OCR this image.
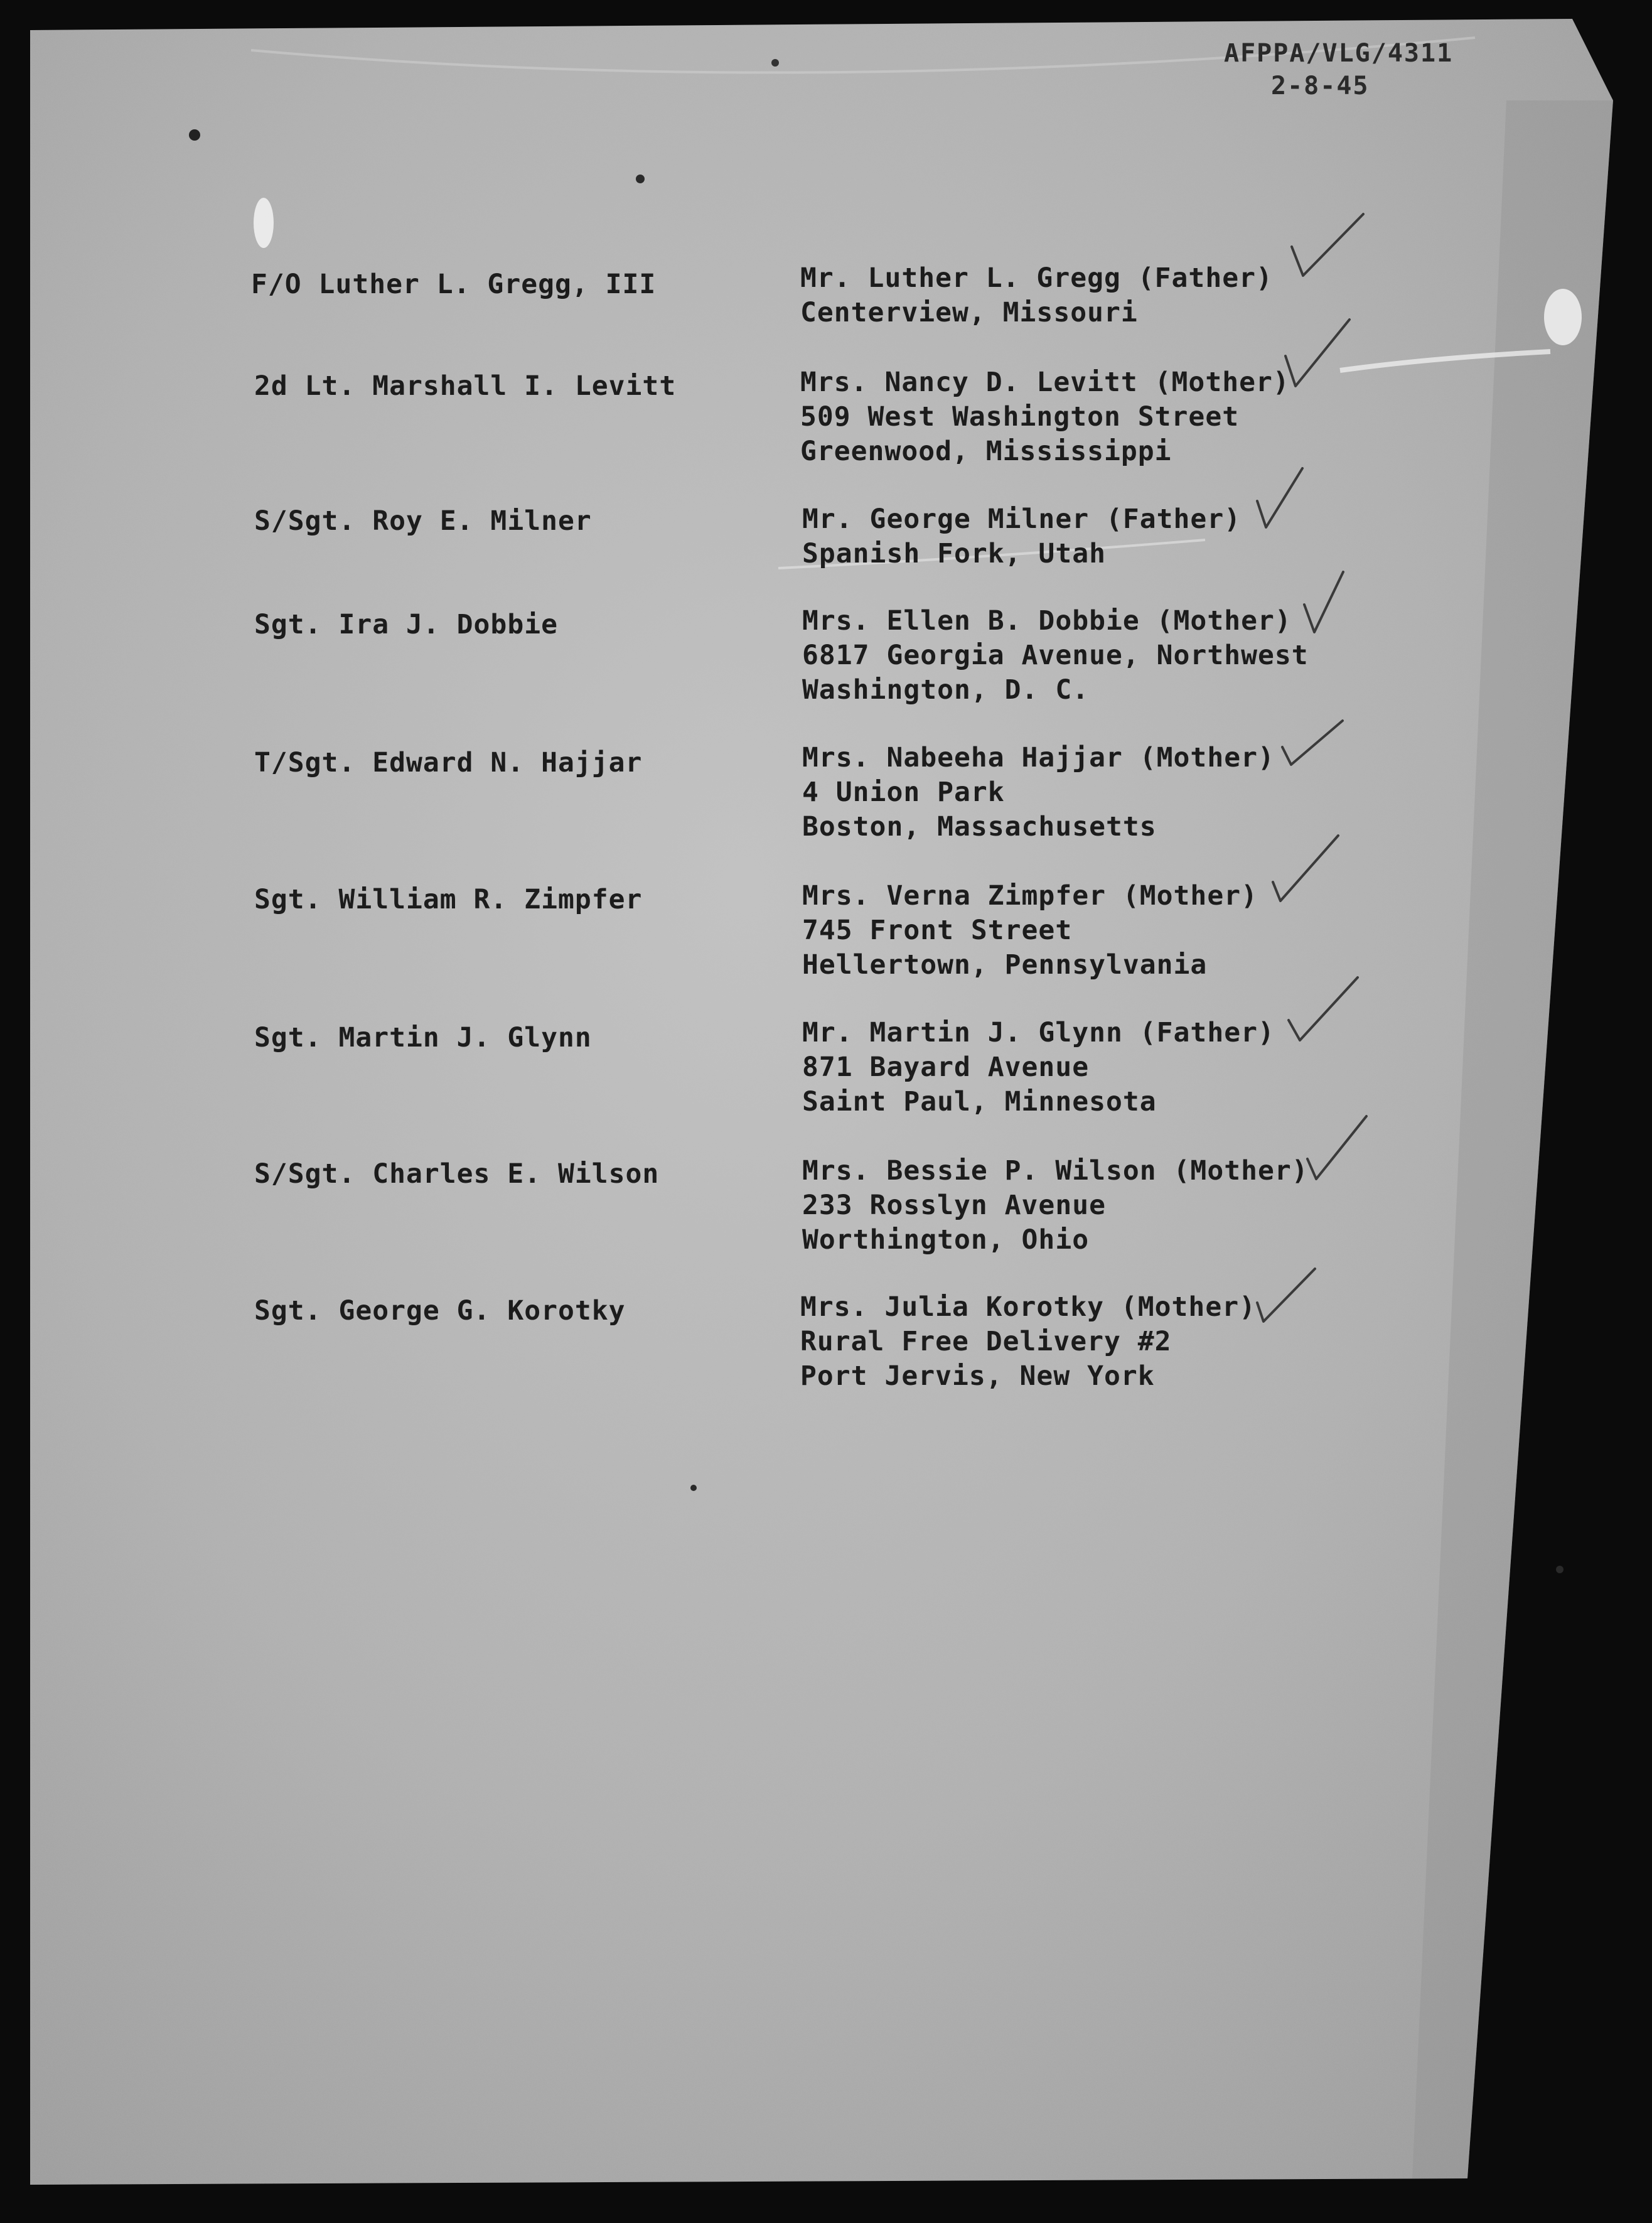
AFPPA/VLG/4311
2-8-45
F/O Luther L. Gregg, III	Mr. Luther L. Gregg (Father)
Centerview, Missouri
2d Lt. Marshall I. Levitt	Mrs. Nancy D. Levitt (Mother)
509 West Washington Street
Greenwood, Mississippi
S/Sgt. Roy E. Milner	Mr. George Milner (Father)
Spanish Fork, Utah
Sgt. Ira J. Dobbie	Mrs. Ellen B. Dobbie (Mother)
6817 Georgia Avenue, Northwest
Washington, D. C.
T/Sgt. Edward N. Hajjar	Mrs. Nabeeha Hajjar (Mother)
4 Union Park
Boston, Massachusetts
Sgt. William R. Zimpfer	Mrs. Verna Zimpfer (Mother)
745 Front Street
Hellertown, Pennsylvania
Sgt. Martin J. Glynn	Mr. Martin J. Glynn (Father)
871 Bayard Avenue
Saint Paul, Minnesota
S/Sgt. Charles E. Wilson	Mrs. Bessie P. Wilson (Mother)
233 Rosslyn Avenue
Worthington, Ohio
Sgt. George G. Korotky	Mrs. Julia Korotky (Mother)
Rural Free Delivery #2
Port Jervis, New York
